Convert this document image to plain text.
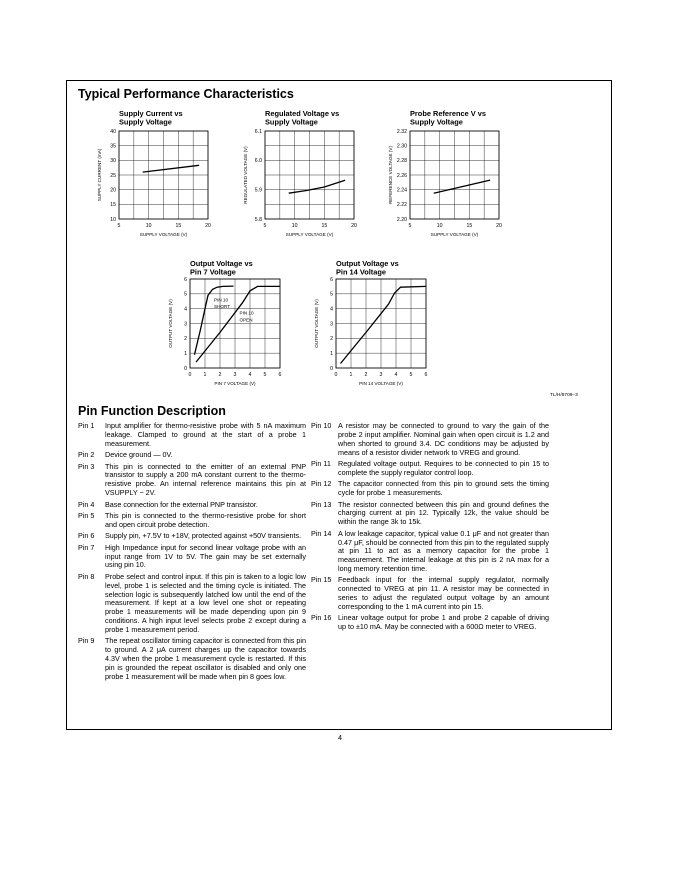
Typical Performance Characteristics
Supply Current vs
Supply Voltage
40
35
30
25
20
15
10
5	10	15	20
SUPPLY VOLTAGE (V)
SUPPLY CURRENT (mA)
Regulated Voltage vs
Supply Voltage
6.1
6.0
5.9
5.8
5	10	15	20
SUPPLY VOLTAGE (V)
REGULATED VOLTAGE (V)
Probe Reference V vs
Supply Voltage
2.32
2.30
2.28
2.26
2.24
2.22
2.20
5	10	15	20
SUPPLY VOLTAGE (V)
REFERENCE VOLTAGE (V)
Output Voltage vs
Pin 7 Voltage
6
5
4
3
2
1
0
0 1 2 3 4 5 6
PIN 7 VOLTAGE (V)
OUTPUT VOLTAGE (V)	PIN 10
SHORT
PIN 10
OPEN
Output Voltage vs
Pin 14 Voltage
6
5
4
3
2
1
0
0 1 2 3 4 5 6
PIN 14 VOLTAGE (V)
OUTPUT VOLTAGE (V)
TL/H/8709–3
Pin Function Description
Pin 1	Input amplifier for thermo-resistive probe with 5 nA maximum leakage. Clamped to ground at the start of a probe 1 measurement.
Pin 2	Device ground — 0V.
Pin 3	This pin is connected to the emitter of an external PNP transistor to supply a 200 mA constant current to the thermo-resistive probe. An internal reference maintains this pin at VSUPPLY − 2V.
Pin 4	Base connection for the external PNP transistor.
Pin 5	This pin is connected to the thermo-resistive probe for short and open circuit probe detection.
Pin 6	Supply pin, +7.5V to +18V, protected against +50V transients.
Pin 7	High Impedance input for second linear voltage probe with an input range from 1V to 5V. The gain may be set externally using pin 10.
Pin 8	Probe select and control input. If this pin is taken to a logic low level, probe 1 is selected and the timing cycle is initiated. The selection logic is subsequently latched low until the end of the measurement. If kept at a low level one shot or repeating probe 1 measurements will be made depending upon pin 9 conditions. A high input level selects probe 2 except during a probe 1 measurement period.
Pin 9	The repeat oscillator timing capacitor is connected from this pin to ground. A 2 μA current charges up the capacitor towards 4.3V when the probe 1 measurement cycle is restarted. If this pin is grounded the repeat oscillator is disabled and only one probe 1 measurement will be made when pin 8 goes low.
Pin 10 A resistor may be connected to ground to vary the gain of the probe 2 input amplifier. Nominal gain when open circuit is 1.2 and when shorted to ground 3.4. DC conditions may be adjusted by means of a resistor divider network to VREG and ground.
Pin 11 Regulated voltage output. Requires to be connected to pin 15 to complete the supply regulator control loop.
Pin 12 The capacitor connected from this pin to ground sets the timing cycle for probe 1 measurements.
Pin 13 The resistor connected between this pin and ground defines the charging current at pin 12. Typically 12k, the value should be within the range 3k to 15k.
Pin 14 A low leakage capacitor, typical value 0.1 μF and not greater than 0.47 μF, should be connected from this pin to the regulated supply at pin 11 to act as a memory capacitor for the probe 1 measurement. The internal leakage at this pin is 2 nA max for a long memory retention time.
Pin 15 Feedback input for the internal supply regulator, normally connected to VREG at pin 11. A resistor may be connected in series to adjust the regulated output voltage by an amount corresponding to the 1 mA current into pin 15.
Pin 16 Linear voltage output for probe 1 and probe 2 capable of driving up to ±10 mA. May be connected with a 600Ω meter to VREG.
4
